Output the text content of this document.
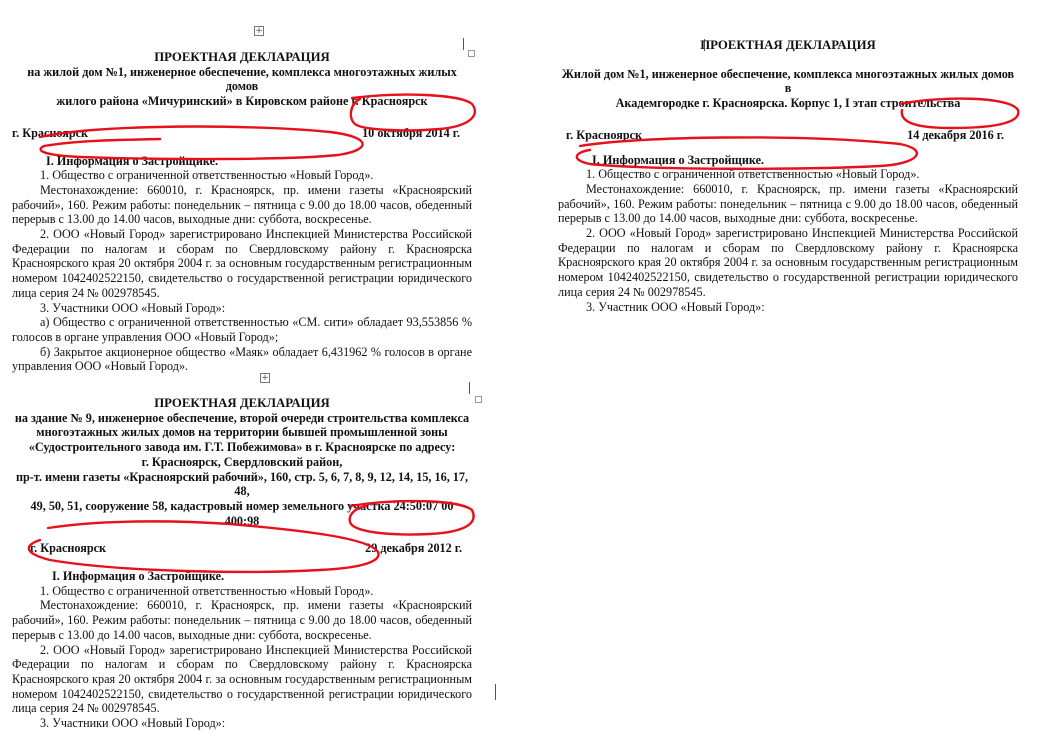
+
+

ПРОЕКТНАЯ ДЕКЛАРАЦИЯ

на жилой дом №1, инженерное обеспечение, комплекса многоэтажных жилых домов

жилого района «Мичуринский» в Кировском районе г. Красноярск

г. Красноярск	10 октября 2014 г.

I. Информация о Застройщике.

1. Общество с ограниченной ответственностью «Новый Город».

Местонахождение: 660010, г. Красноярск, пр. имени газеты «Красноярский рабочий», 160. Режим работы: понедельник – пятница с 9.00 до 18.00 часов, обеденный перерыв с 13.00 до 14.00 часов, выходные дни: суббота, воскресенье.

2. ООО «Новый Город» зарегистрировано Инспекцией Министерства Российской Федерации по налогам и сборам по Свердловскому району г. Красноярска Красноярского края 20 октября 2004 г. за основным государственным регистрационным номером 1042402522150, свидетельство о государственной регистрации юридического лица серия 24 № 002978545.

3. Участники ООО «Новый Город»:

а) Общество с ограниченной ответственностью «СМ. сити» обладает 93,553856 % голосов в органе управления ООО «Новый Город»;

б) Закрытое акционерное общество «Маяк» обладает 6,431962 % голосов в органе управления ООО «Новый Город».

ПРОЕКТНАЯ ДЕКЛАРАЦИЯ

Жилой дом №1, инженерное обеспечение, комплекса многоэтажных жилых домов в

Академгородке г. Красноярска. Корпус 1, I этап строительства

г. Красноярск	14 декабря 2016 г.

I. Информация о Застройщике.

1. Общество с ограниченной ответственностью «Новый Город».

Местонахождение: 660010, г. Красноярск, пр. имени газеты «Красноярский рабочий», 160. Режим работы: понедельник – пятница с 9.00 до 18.00 часов, обеденный перерыв с 13.00 до 14.00 часов, выходные дни: суббота, воскресенье.

2. ООО «Новый Город» зарегистрировано Инспекцией Министерства Российской Федерации по налогам и сборам по Свердловскому району г. Красноярска Красноярского края 20 октября 2004 г. за основным государственным регистрационным номером 1042402522150, свидетельство о государственной регистрации юридического лица серия 24 № 002978545.

3. Участник ООО «Новый Город»:

ПРОЕКТНАЯ ДЕКЛАРАЦИЯ

на здание № 9, инженерное обеспечение, второй очереди строительства комплекса

многоэтажных жилых домов на территории бывшей промышленной зоны

«Судостроительного завода им. Г.Т. Побежимова» в г. Красноярске по адресу:

г. Красноярск, Свердловский район,

пр-т. имени газеты «Красноярский рабочий», 160, стр. 5, 6, 7, 8, 9, 12, 14, 15, 16, 17, 48,

49, 50, 51, сооружение 58, кадастровый номер земельного участка 24:50:07 00 400:98

г. Красноярск	29 декабря 2012 г.

I. Информация о Застройщике.

1. Общество с ограниченной ответственностью «Новый Город».

Местонахождение: 660010, г. Красноярск, пр. имени газеты «Красноярский рабочий», 160. Режим работы: понедельник – пятница с 9.00 до 18.00 часов, обеденный перерыв с 13.00 до 14.00 часов, выходные дни: суббота, воскресенье.

2. ООО «Новый Город» зарегистрировано Инспекцией Министерства Российской Федерации по налогам и сборам по Свердловскому району г. Красноярска Красноярского края 20 октября 2004 г. за основным государственным регистрационным номером 1042402522150, свидетельство о государственной регистрации юридического лица серия 24 № 002978545.

3. Участники ООО «Новый Город»:
